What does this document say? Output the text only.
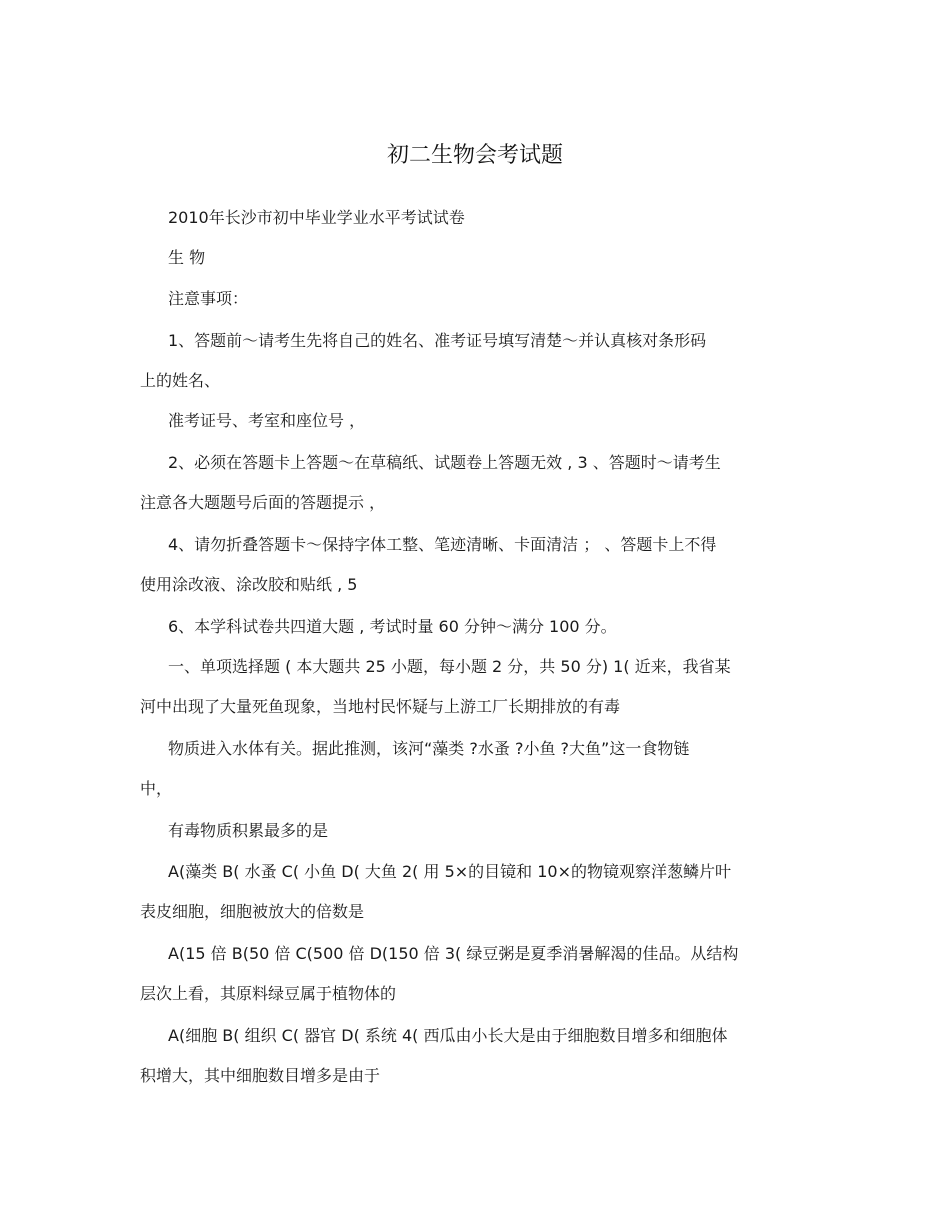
初二生物会考试题
2010年长沙市初中毕业学业水平考试试卷
生 物
注意事项：
1、答题前～请考生先将自己的姓名、准考证号填写清楚～并认真核对条形码
上的姓名、
准考证号、考室和座位号 ，
2、必须在答题卡上答题～在草稿纸、试题卷上答题无效 , 3 、答题时～请考生
注意各大题题号后面的答题提示 ，
4、请勿折叠答题卡～保持字体工整、笔迹清晰、卡面清洁 ； 、答题卡上不得
使用涂改液、涂改胶和贴纸 , 5
6、本学科试卷共四道大题 , 考试时量 60 分钟～满分 100 分。
一、单项选择题 ( 本大题共 25 小题，每小题 2 分，共 50 分) 1( 近来，我省某
河中出现了大量死鱼现象，当地村民怀疑与上游工厂长期排放的有毒
物质进入水体有关。据此推测，该河“藻类 ?水蚤 ?小鱼 ?大鱼”这一食物链
中，
有毒物质积累最多的是
A(藻类 B( 水蚤 C( 小鱼 D( 大鱼 2( 用 5×的目镜和 10×的物镜观察洋葱鳞片叶
表皮细胞，细胞被放大的倍数是
A(15 倍 B(50 倍 C(500 倍 D(150 倍 3( 绿豆粥是夏季消暑解渴的佳品。从结构
层次上看，其原料绿豆属于植物体的
A(细胞 B( 组织 C( 器官 D( 系统 4( 西瓜由小长大是由于细胞数目增多和细胞体
积增大，其中细胞数目增多是由于
